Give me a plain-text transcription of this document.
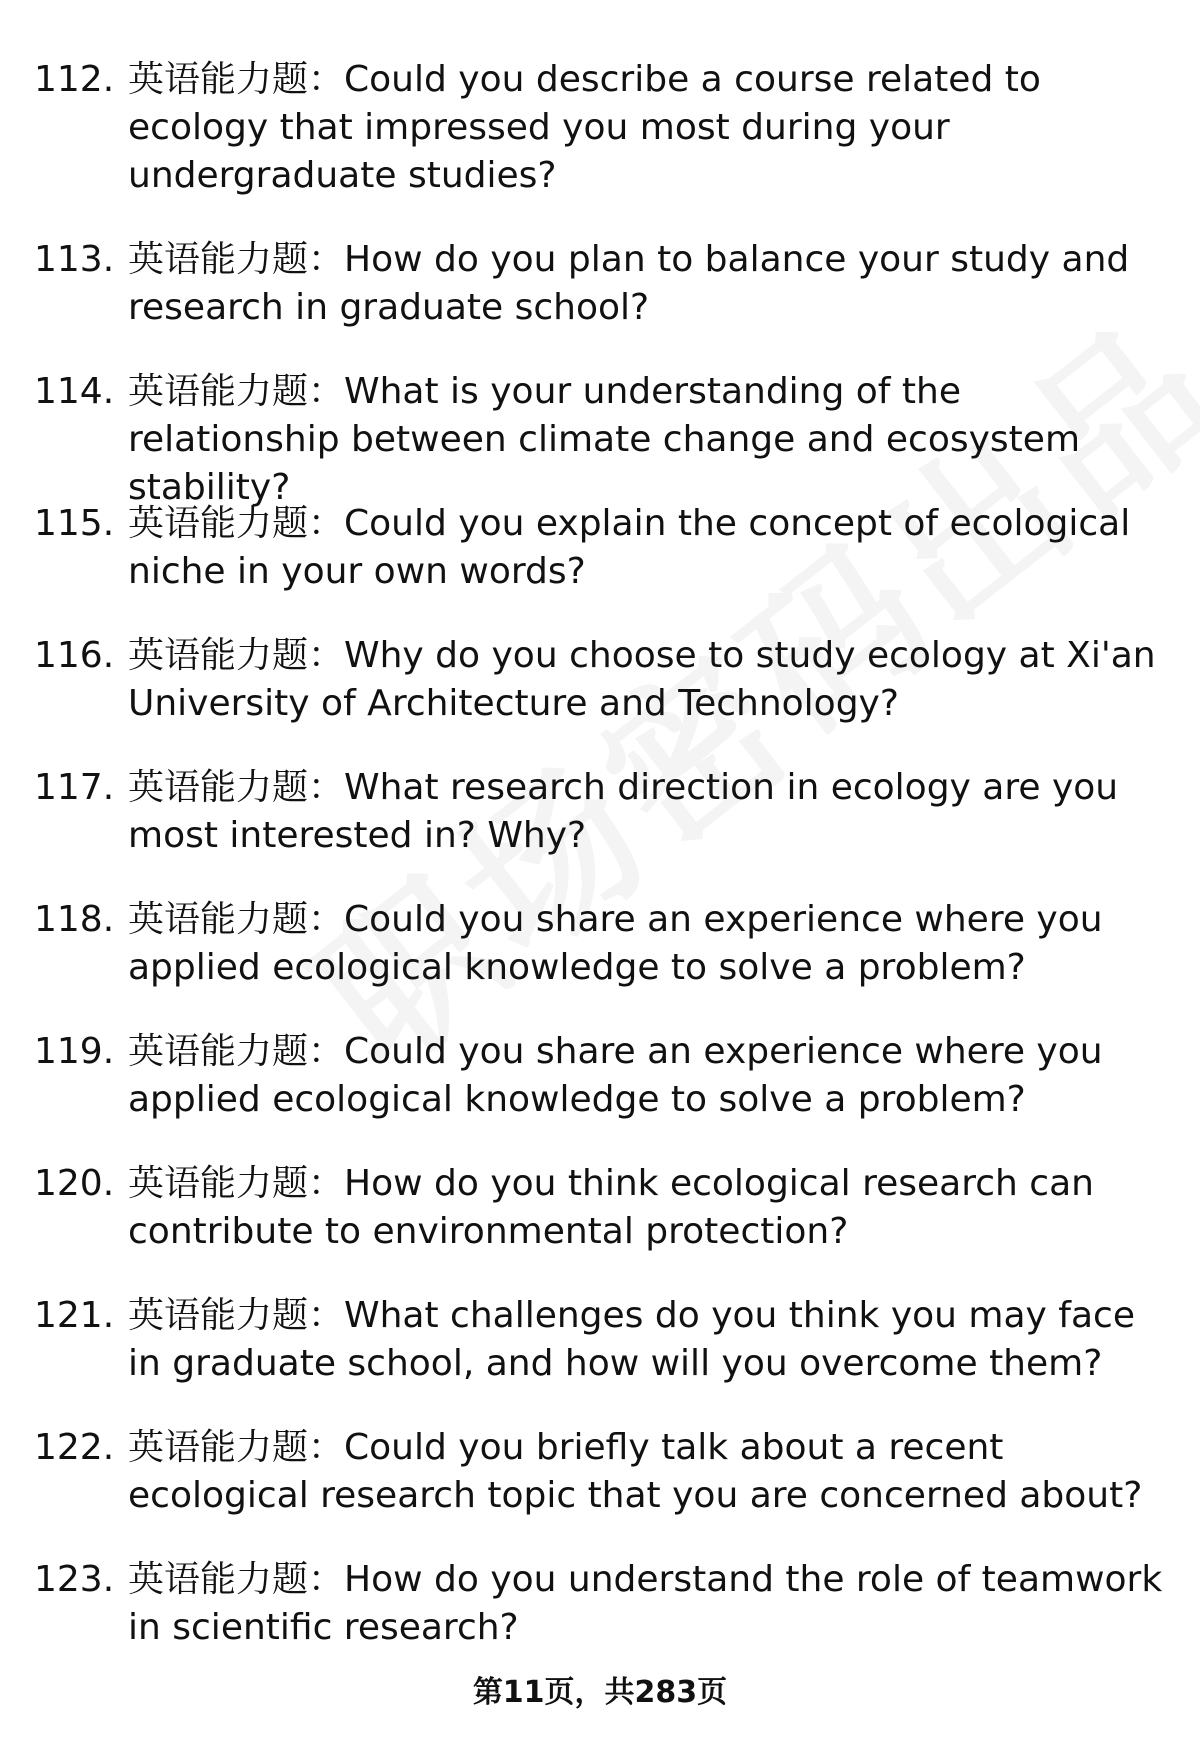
112. 英语能力题：Could you describe a course related to ecology that impressed you most during your undergraduate studies?
113. 英语能力题：How do you plan to balance your study and research in graduate school?
114. 英语能力题：What is your understanding of the relationship between climate change and ecosystem stability?
115. 英语能力题：Could you explain the concept of ecological niche in your own words?
116. 英语能力题：Why do you choose to study ecology at Xi'an University of Architecture and Technology?
117. 英语能力题：What research direction in ecology are you most interested in? Why?
118. 英语能力题：Could you share an experience where you applied ecological knowledge to solve a problem?
119. 英语能力题：Could you share an experience where you applied ecological knowledge to solve a problem?
120. 英语能力题：How do you think ecological research can contribute to environmental protection?
121. 英语能力题：What challenges do you think you may face in graduate school, and how will you overcome them?
122. 英语能力题：Could you briefly talk about a recent ecological research topic that you are concerned about?
123. 英语能力题：How do you understand the role of teamwork in scientific research?
第11页，共283页
